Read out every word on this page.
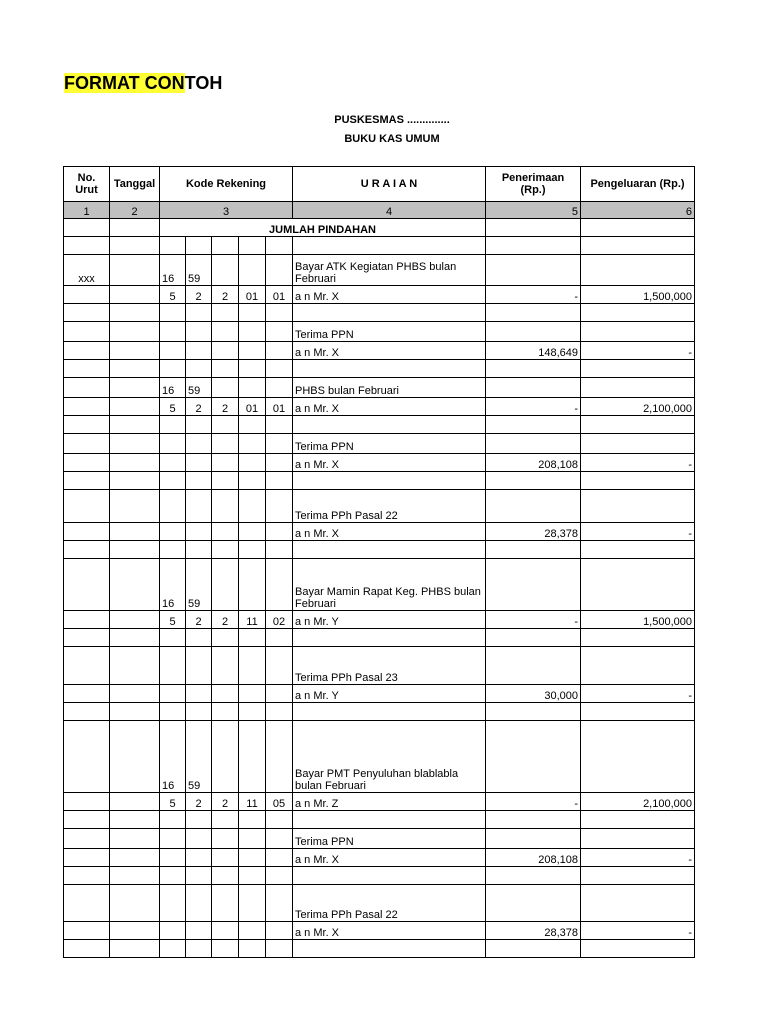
FORMAT CONTOH
PUSKESMAS ..............
BUKU KAS UMUM
No. Urut	Tanggal	Kode Rekening					U R A I A N	Penerimaan (Rp.)	Pengeluaran (Rp.)
1	2	3					4	5	6
		JUMLAH PINDAHAN							

xxx		16	59				Bayar ATK Kegiatan PHBS bulan Februari		
		5	2	2	01	01	a n Mr. X	-	1,500,000

							Terima PPN		
							a n Mr. X	148,649	-

		16	59				PHBS bulan Februari		
		5	2	2	01	01	a n Mr. X	-	2,100,000

							Terima PPN		
							a n Mr. X	208,108	-

							Terima PPh Pasal 22		
							a n Mr. X	28,378	-

		16	59				Bayar Mamin Rapat Keg. PHBS bulan Februari		
		5	2	2	11	02	a n Mr. Y	-	1,500,000

							Terima PPh Pasal 23		
							a n Mr. Y	30,000	-

		16	59				Bayar PMT Penyuluhan blablabla bulan Februari		
		5	2	2	11	05	a n Mr. Z	-	2,100,000

							Terima PPN		
							a n Mr. X	208,108	-

							Terima PPh Pasal 22		
							a n Mr. X	28,378	-
